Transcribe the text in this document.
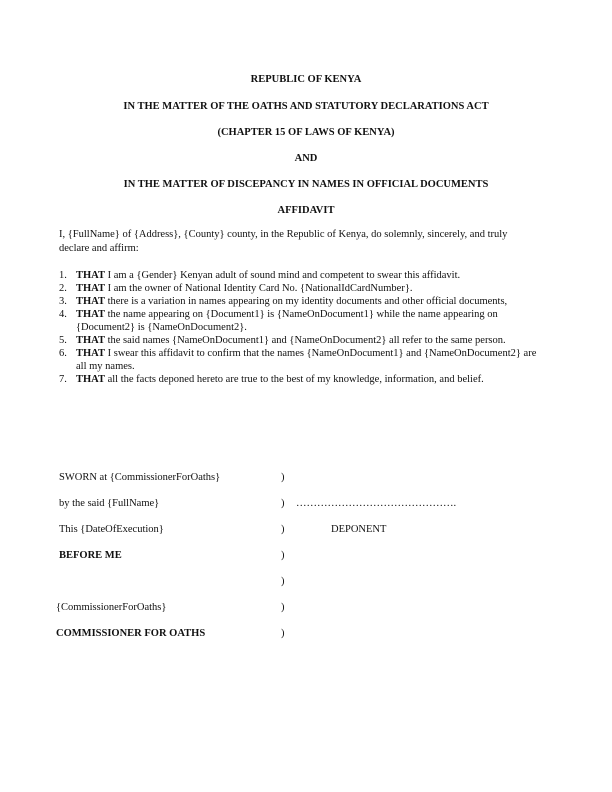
REPUBLIC OF KENYA
IN THE MATTER OF THE OATHS AND STATUTORY DECLARATIONS ACT
(CHAPTER 15 OF LAWS OF KENYA)
AND
IN THE MATTER OF DISCEPANCY IN NAMES IN OFFICIAL DOCUMENTS
AFFIDAVIT
I, {FullName} of {Address}, {County} county, in the Republic of Kenya, do solemnly, sincerely, and truly declare and affirm:
1. THAT I am a {Gender} Kenyan adult of sound mind and competent to swear this affidavit.
2. THAT I am the owner of National Identity Card No. {NationalIdCardNumber}.
3. THAT there is a variation in names appearing on my identity documents and other official documents,
4. THAT the name appearing on {Document1} is {NameOnDocument1} while the name appearing on {Document2} is {NameOnDocument2}.
5. THAT the said names {NameOnDocument1} and {NameOnDocument2} all refer to the same person.
6. THAT I swear this affidavit to confirm that the names {NameOnDocument1} and {NameOnDocument2} are all my names.
7. THAT all the facts deponed hereto are true to the best of my knowledge, information, and belief.
SWORN at {CommissionerForOaths}	)
by the said {FullName}	) ……………………………………….
This {DateOfExecution}	)	DEPONENT
BEFORE ME	)
)
{CommissionerForOaths}	)
COMMISSIONER FOR OATHS	)
